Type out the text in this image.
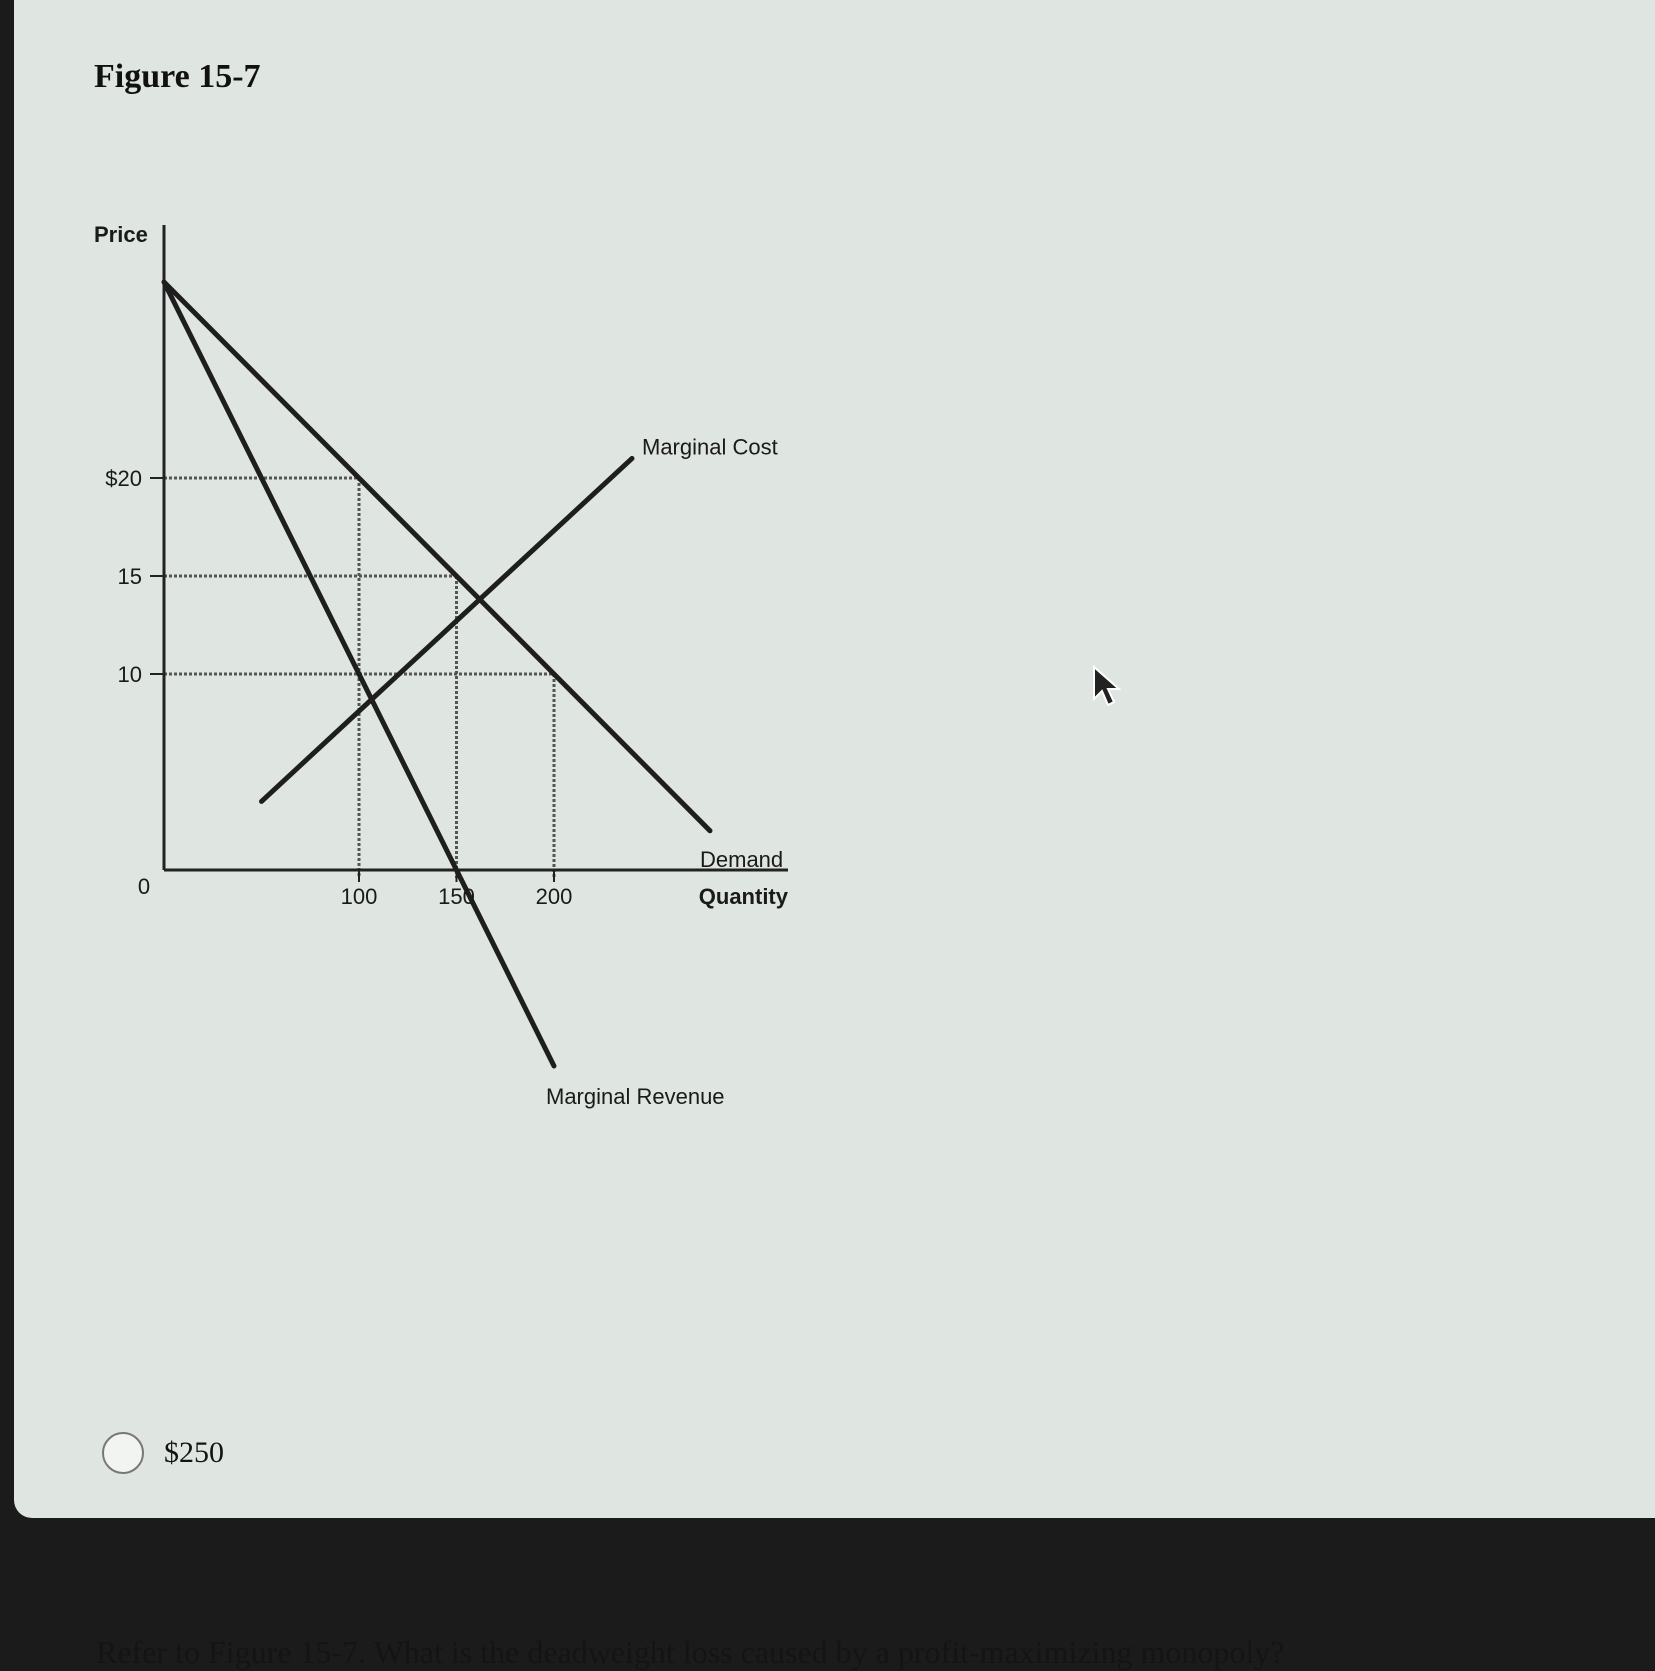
Figure 15-7
$20
15
10
0	100	150	200
Price
Quantity
Demand
Marginal Revenue
Marginal Cost
Refer to Figure 15-7. What is the deadweight loss caused by a profit-maximizing monopoly?
$250
